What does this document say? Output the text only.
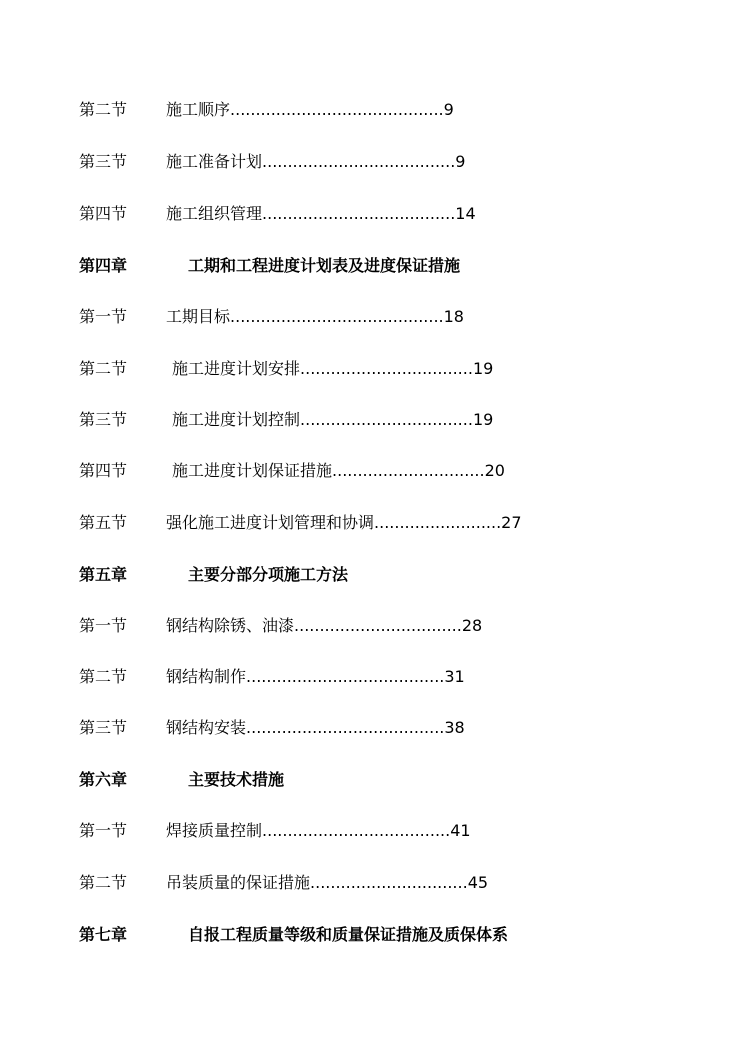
第二节 施工顺序..........................................9
第三节 施工准备计划......................................9
第四节 施工组织管理......................................14
第四章	工期和工程进度计划表及进度保证措施
第一节 工期目标..........................................18
第二节	施工进度计划安排..................................19
第三节	施工进度计划控制..................................19
第四节	施工进度计划保证措施..............................20
第五节 强化施工进度计划管理和协调.........................27
第五章	主要分部分项施工方法
第一节 钢结构除锈、油漆.................................28
第二节 钢结构制作.......................................31
第三节 钢结构安装.......................................38
第六章	主要技术措施
第一节 焊接质量控制.....................................41
第二节 吊装质量的保证措施...............................45
第七章	自报工程质量等级和质量保证措施及质保体系
